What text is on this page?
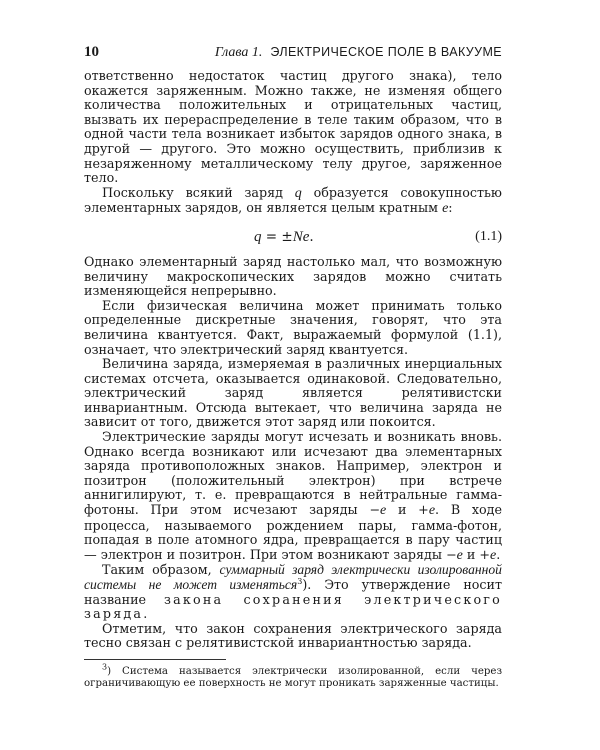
10	Глава 1. ЭЛЕКТРИЧЕСКОЕ ПОЛЕ В ВАКУУМЕ

ответственно недостаток частиц другого знака), тело окажется заряженным. Можно также, не изменяя общего количества положительных и отрицательных частиц, вызвать их перераспределение в теле таким образом, что в одной части тела возникает избыток зарядов одного знака, в другой — другого. Это можно осуществить, приблизив к незаряженному металлическому телу другое, заряженное тело.

Поскольку всякий заряд q образуется совокупностью элементарных зарядов, он является целым кратным e:

q = ±Ne.	(1.1)

Однако элементарный заряд настолько мал, что возможную величину макроскопических зарядов можно считать изменяющейся непрерывно.

Если физическая величина может принимать только определенные дискретные значения, говорят, что эта величина квантуется. Факт, выражаемый формулой (1.1), означает, что электрический заряд квантуется.

Величина заряда, измеряемая в различных инерциальных системах отсчета, оказывается одинаковой. Следовательно, электрический заряд является релятивистски инвариантным. Отсюда вытекает, что величина заряда не зависит от того, движется этот заряд или покоится.

Электрические заряды могут исчезать и возникать вновь. Однако всегда возникают или исчезают два элементарных заряда противоположных знаков. Например, электрон и позитрон (положительный электрон) при встрече аннигилируют, т. е. превращаются в нейтральные гамма-фотоны. При этом исчезают заряды −e и +e. В ходе процесса, называемого рождением пары, гамма-фотон, попадая в поле атомного ядра, превращается в пару частиц — электрон и позитрон. При этом возникают заряды −e и +e.

Таким образом, суммарный заряд электрически изолированной системы не может изменяться$^3$). Это утверждение носит название закона сохранения электрического заряда.

Отметим, что закон сохранения электрического заряда тесно связан с релятивистской инвариантностью заряда.

$^3$) Система называется электрически изолированной, если через ограничивающую ее поверхность не могут проникать заряженные частицы.
